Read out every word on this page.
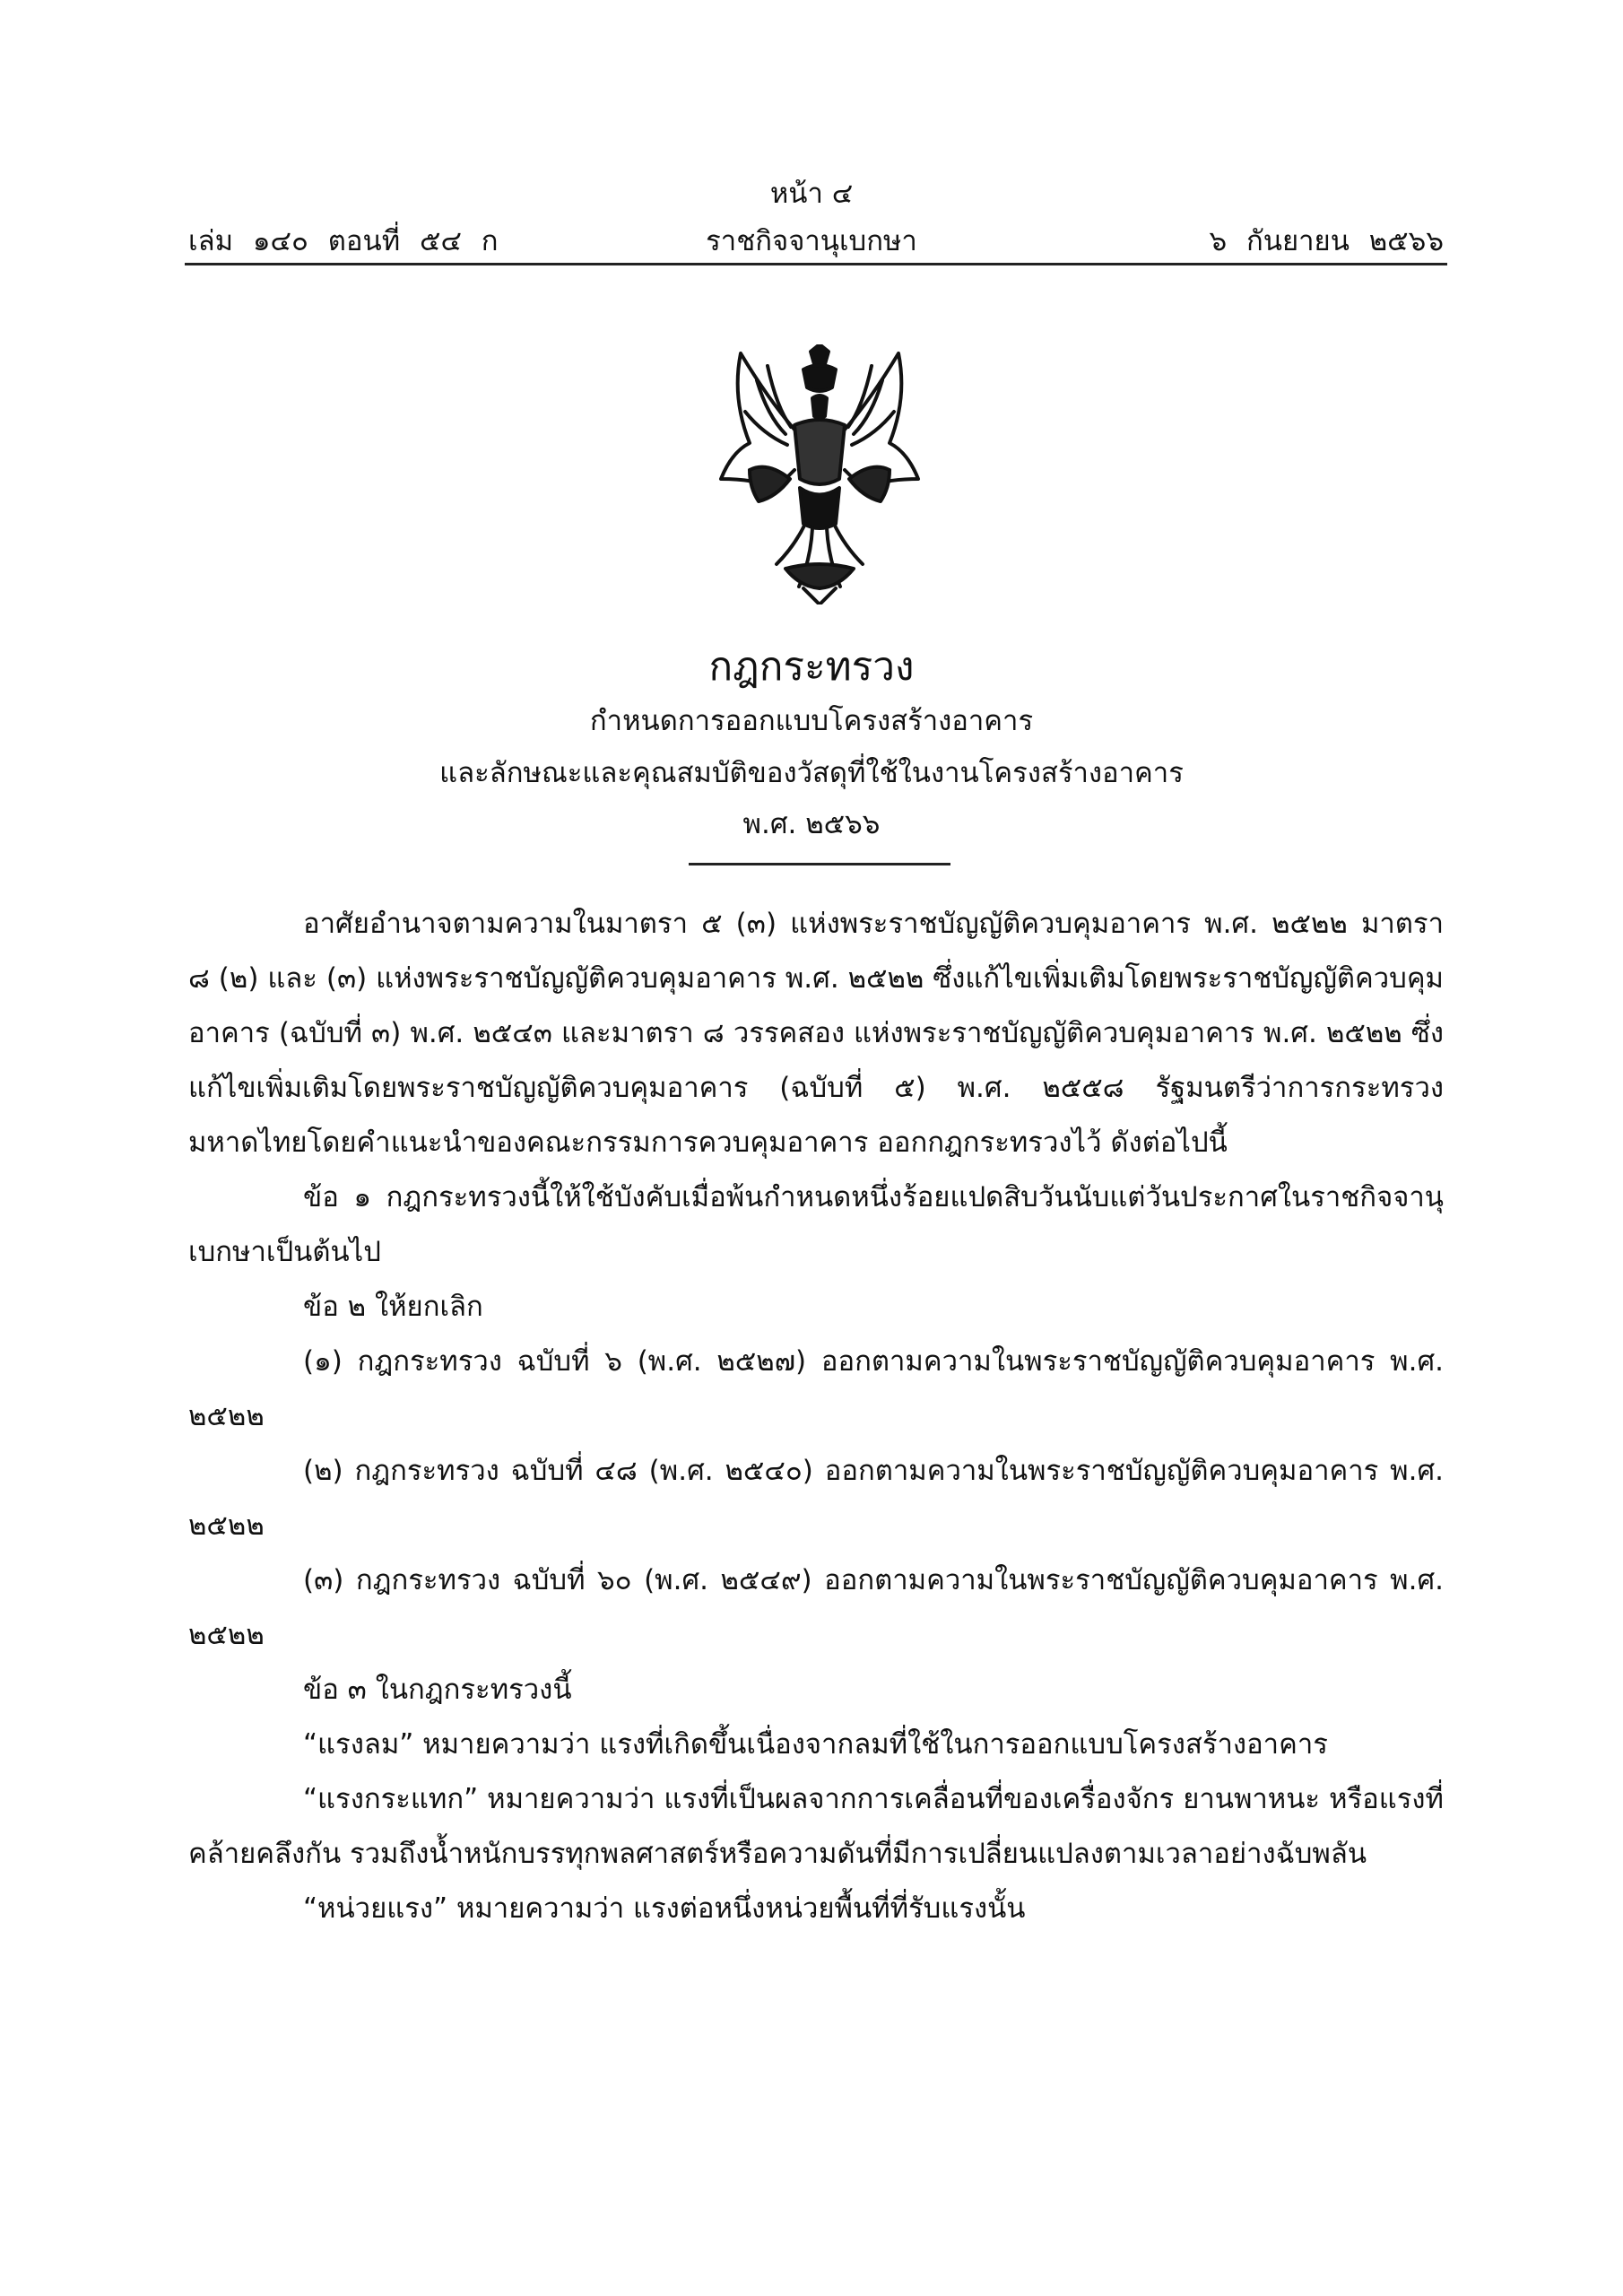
หน้า ๔
เล่ม ๑๔๐ ตอนที่ ๕๔ ก	ราชกิจจานุเบกษา	๖ กันยายน ๒๕๖๖
กฎกระทรวง
กำหนดการออกแบบโครงสร้างอาคาร
และลักษณะและคุณสมบัติของวัสดุที่ใช้ในงานโครงสร้างอาคาร
พ.ศ. ๒๕๖๖

อาศัยอำนาจตามความในมาตรา ๕ (๓) แห่งพระราชบัญญัติควบคุมอาคาร พ.ศ. ๒๕๒๒ มาตรา ๘ (๒) และ (๓) แห่งพระราชบัญญัติควบคุมอาคาร พ.ศ. ๒๕๒๒ ซึ่งแก้ไขเพิ่มเติมโดยพระราชบัญญัติควบคุมอาคาร (ฉบับที่ ๓) พ.ศ. ๒๕๔๓ และมาตรา ๘ วรรคสอง แห่งพระราชบัญญัติควบคุมอาคาร พ.ศ. ๒๕๒๒ ซึ่งแก้ไขเพิ่มเติมโดยพระราชบัญญัติควบคุมอาคาร (ฉบับที่ ๕) พ.ศ. ๒๕๕๘ รัฐมนตรีว่าการกระทรวงมหาดไทยโดยคำแนะนำของคณะกรรมการควบคุมอาคาร ออกกฎกระทรวงไว้ ดังต่อไปนี้

ข้อ ๑ กฎกระทรวงนี้ให้ใช้บังคับเมื่อพ้นกำหนดหนึ่งร้อยแปดสิบวันนับแต่วันประกาศในราชกิจจานุเบกษาเป็นต้นไป

ข้อ ๒ ให้ยกเลิก

(๑) กฎกระทรวง ฉบับที่ ๖ (พ.ศ. ๒๕๒๗) ออกตามความในพระราชบัญญัติควบคุมอาคาร พ.ศ. ๒๕๒๒

(๒) กฎกระทรวง ฉบับที่ ๔๘ (พ.ศ. ๒๕๔๐) ออกตามความในพระราชบัญญัติควบคุมอาคาร พ.ศ. ๒๕๒๒

(๓) กฎกระทรวง ฉบับที่ ๖๐ (พ.ศ. ๒๕๔๙) ออกตามความในพระราชบัญญัติควบคุมอาคาร พ.ศ. ๒๕๒๒

ข้อ ๓ ในกฎกระทรวงนี้

“แรงลม” หมายความว่า แรงที่เกิดขึ้นเนื่องจากลมที่ใช้ในการออกแบบโครงสร้างอาคาร

“แรงกระแทก” หมายความว่า แรงที่เป็นผลจากการเคลื่อนที่ของเครื่องจักร ยานพาหนะ หรือแรงที่คล้ายคลึงกัน รวมถึงน้ำหนักบรรทุกพลศาสตร์หรือความดันที่มีการเปลี่ยนแปลงตามเวลาอย่างฉับพลัน

“หน่วยแรง” หมายความว่า แรงต่อหนึ่งหน่วยพื้นที่ที่รับแรงนั้น
